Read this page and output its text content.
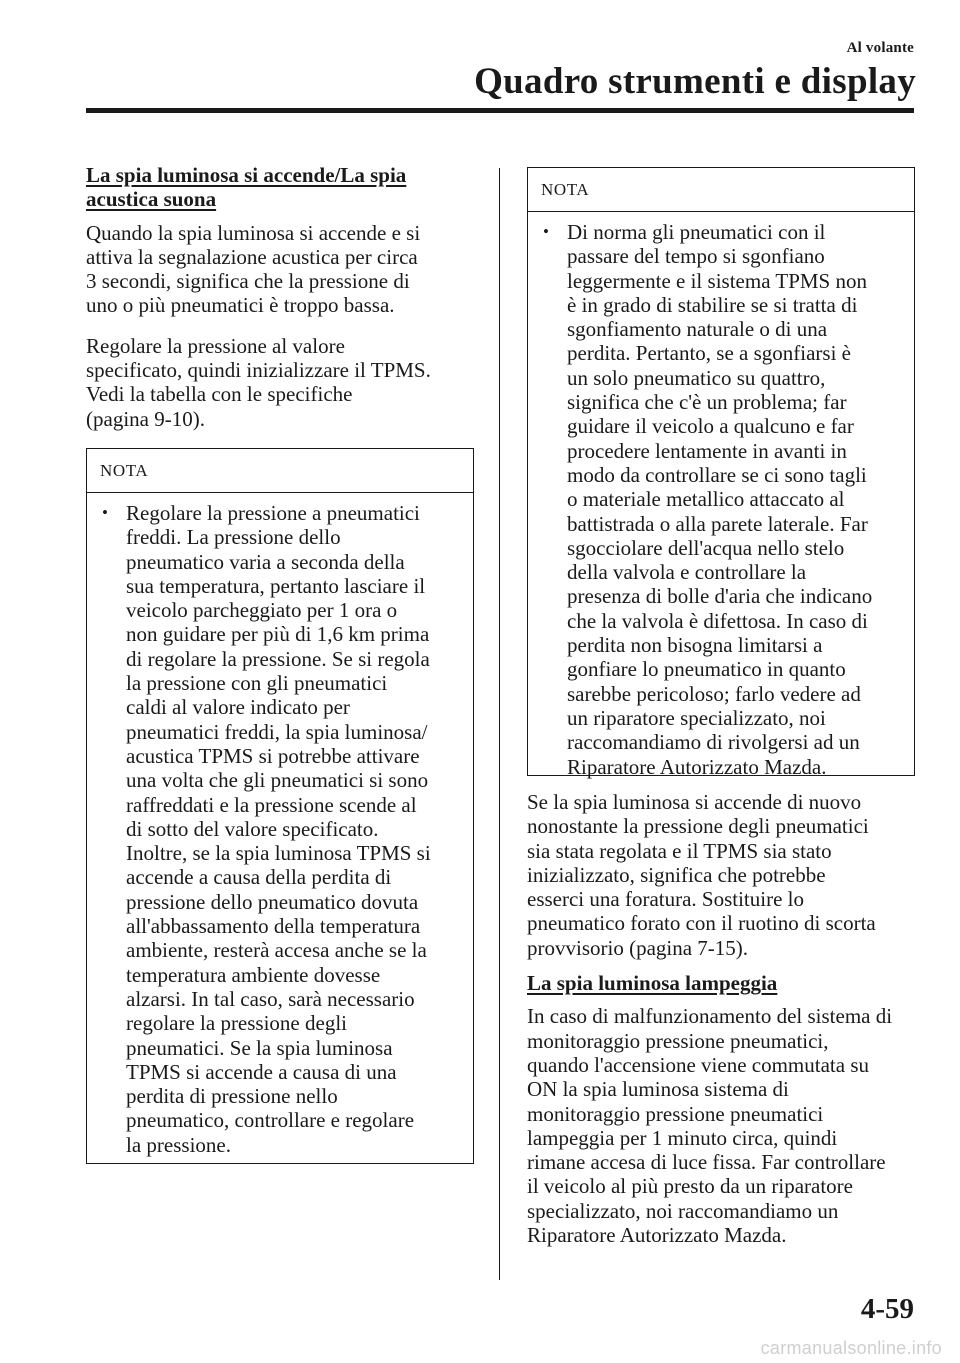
Al volante
Quadro strumenti e display
La spia luminosa si accende/La spia
acustica suona
Quando la spia luminosa si accende e si
attiva la segnalazione acustica per circa
3 secondi, significa che la pressione di
uno o più pneumatici è troppo bassa.
Regolare la pressione al valore
specificato, quindi inizializzare il TPMS.
Vedi la tabella con le specifiche
(pagina 9-10).
NOTA
• Regolare la pressione a pneumatici
freddi. La pressione dello
pneumatico varia a seconda della
sua temperatura, pertanto lasciare il
veicolo parcheggiato per 1 ora o
non guidare per più di 1,6 km prima
di regolare la pressione. Se si regola
la pressione con gli pneumatici
caldi al valore indicato per
pneumatici freddi, la spia luminosa/
acustica TPMS si potrebbe attivare
una volta che gli pneumatici si sono
raffreddati e la pressione scende al
di sotto del valore specificato.
Inoltre, se la spia luminosa TPMS si
accende a causa della perdita di
pressione dello pneumatico dovuta
all'abbassamento della temperatura
ambiente, resterà accesa anche se la
temperatura ambiente dovesse
alzarsi. In tal caso, sarà necessario
regolare la pressione degli
pneumatici. Se la spia luminosa
TPMS si accende a causa di una
perdita di pressione nello
pneumatico, controllare e regolare
la pressione.
NOTA
• Di norma gli pneumatici con il
passare del tempo si sgonfiano
leggermente e il sistema TPMS non
è in grado di stabilire se si tratta di
sgonfiamento naturale o di una
perdita. Pertanto, se a sgonfiarsi è
un solo pneumatico su quattro,
significa che c'è un problema; far
guidare il veicolo a qualcuno e far
procedere lentamente in avanti in
modo da controllare se ci sono tagli
o materiale metallico attaccato al
battistrada o alla parete laterale. Far
sgocciolare dell'acqua nello stelo
della valvola e controllare la
presenza di bolle d'aria che indicano
che la valvola è difettosa. In caso di
perdita non bisogna limitarsi a
gonfiare lo pneumatico in quanto
sarebbe pericoloso; farlo vedere ad
un riparatore specializzato, noi
raccomandiamo di rivolgersi ad un
Riparatore Autorizzato Mazda.
Se la spia luminosa si accende di nuovo
nonostante la pressione degli pneumatici
sia stata regolata e il TPMS sia stato
inizializzato, significa che potrebbe
esserci una foratura. Sostituire lo
pneumatico forato con il ruotino di scorta
provvisorio (pagina 7-15).
La spia luminosa lampeggia
In caso di malfunzionamento del sistema di
monitoraggio pressione pneumatici,
quando l'accensione viene commutata su
ON la spia luminosa sistema di
monitoraggio pressione pneumatici
lampeggia per 1 minuto circa, quindi
rimane accesa di luce fissa. Far controllare
il veicolo al più presto da un riparatore
specializzato, noi raccomandiamo un
Riparatore Autorizzato Mazda.
4-59
carmanualsonline.info
